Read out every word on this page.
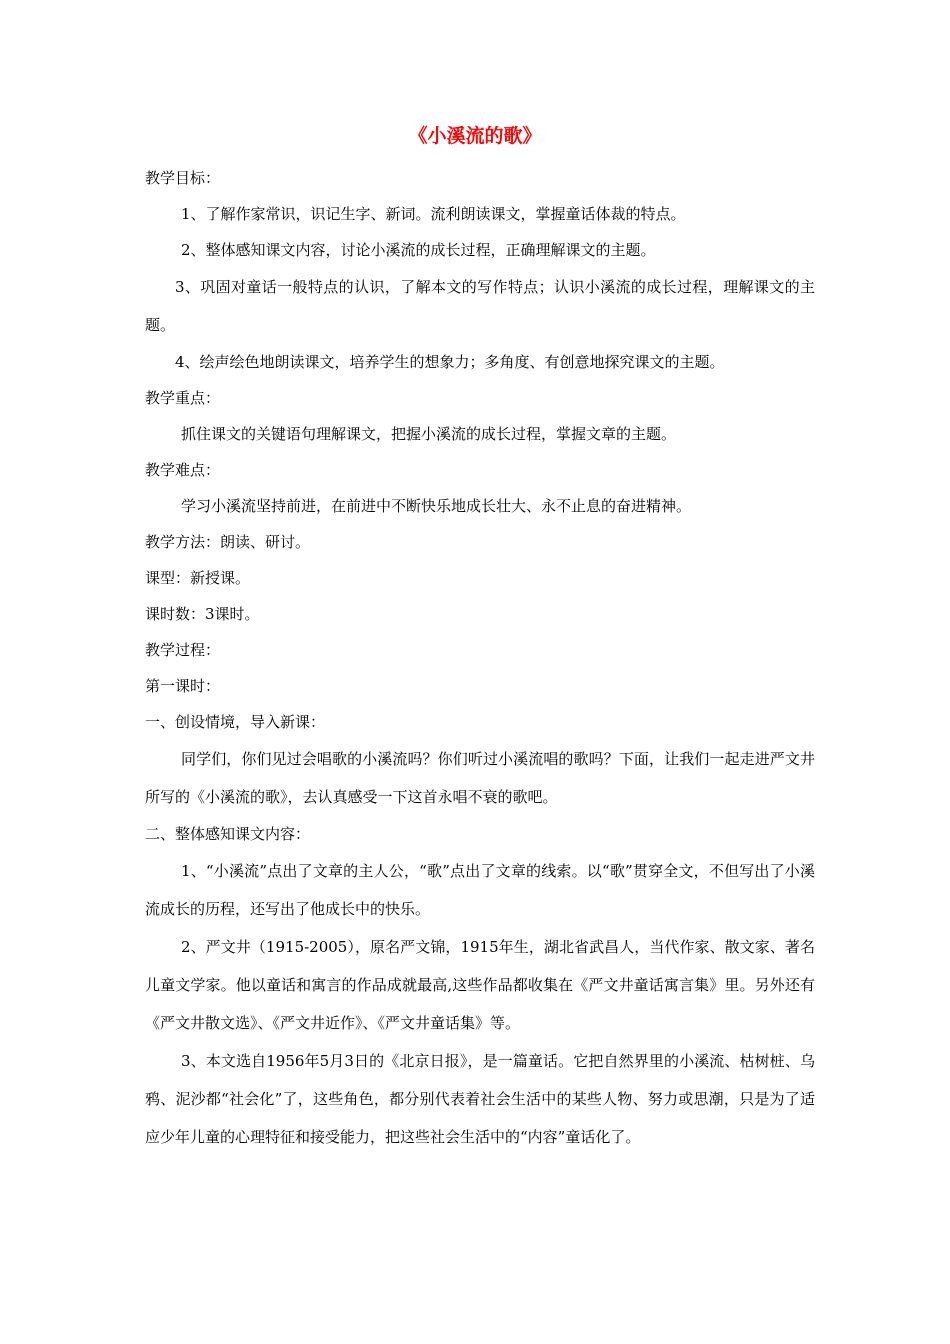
《小溪流的歌》

教学目标：

1、了解作家常识，识记生字、新词。流利朗读课文，掌握童话体裁的特点。

2、整体感知课文内容，讨论小溪流的成长过程，正确理解课文的主题。

3、巩固对童话一般特点的认识，了解本文的写作特点；认识小溪流的成长过程，理解课文的主题。

4、绘声绘色地朗读课文，培养学生的想象力；多角度、有创意地探究课文的主题。

教学重点：

抓住课文的关键语句理解课文，把握小溪流的成长过程，掌握文章的主题。

教学难点：

学习小溪流坚持前进，在前进中不断快乐地成长壮大、永不止息的奋进精神。

教学方法：朗读、研讨。

课型：新授课。

课时数：3课时。

教学过程：

第一课时：

一、创设情境，导入新课：

同学们，你们见过会唱歌的小溪流吗？你们听过小溪流唱的歌吗？下面，让我们一起走进严文井所写的《小溪流的歌》，去认真感受一下这首永唱不衰的歌吧。

二、整体感知课文内容：

1、“小溪流”点出了文章的主人公，“歌”点出了文章的线索。以“歌”贯穿全文，不但写出了小溪流成长的历程，还写出了他成长中的快乐。

2、严文井（1915-2005），原名严文锦，1915年生，湖北省武昌人，当代作家、散文家、著名儿童文学家。他以童话和寓言的作品成就最高,这些作品都收集在《严文井童话寓言集》里。另外还有《严文井散文选》、《严文井近作》、《严文井童话集》等。

3、本文选自1956年5月3日的《北京日报》，是一篇童话。它把自然界里的小溪流、枯树桩、乌鸦、泥沙都“社会化”了，这些角色，都分别代表着社会生活中的某些人物、努力或思潮，只是为了适应少年儿童的心理特征和接受能力，把这些社会生活中的“内容”童话化了。
